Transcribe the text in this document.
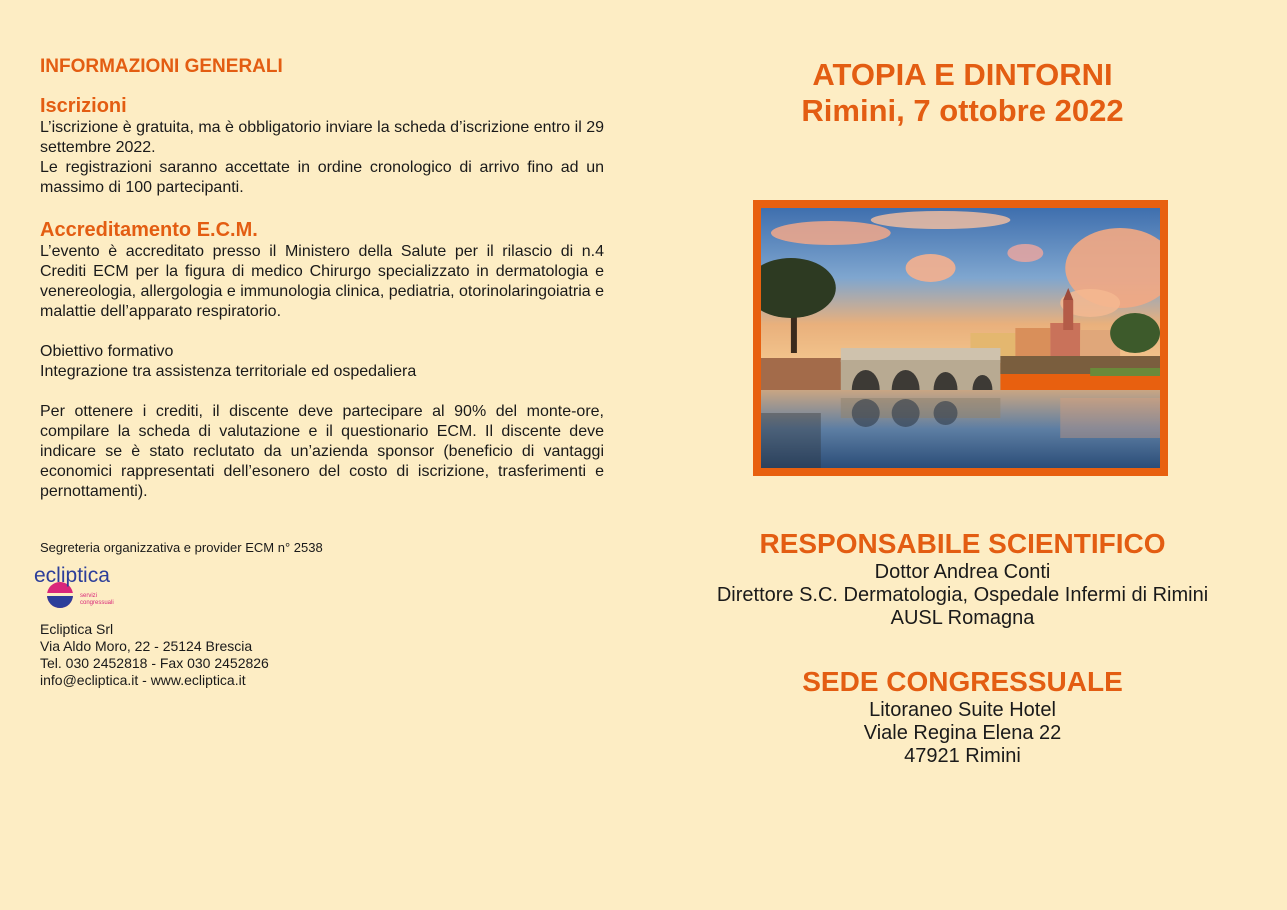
INFORMAZIONI GENERALI
Iscrizioni

L’iscrizione è gratuita, ma è obbligatorio inviare la scheda d’iscrizione entro il 29 settembre 2022.

Le registrazioni saranno accettate in ordine cronologico di arrivo fino ad un massimo di 100 partecipanti.

Accreditamento E.C.M.

L’evento è accreditato presso il Ministero della Salute per il rilascio di n.4 Crediti ECM per la figura di medico Chirurgo specializzato in dermatologia e venereologia, allergologia e immunologia clinica, pediatria, otorinolaringoiatria e malattie dell’apparato respiratorio.

Obiettivo formativo

Integrazione tra assistenza territoriale ed ospedaliera

Per ottenere i crediti, il discente deve partecipare al 90% del monte-ore, compilare la scheda di valutazione e il questionario ECM. Il discente deve indicare se è stato reclutato da un’azienda sponsor (beneficio di vantaggi economici rappresentati dell’esonero del costo di iscrizione, trasferimenti e pernottamenti).

Segreteria organizzativa e provider ECM n° 2538
ecliptica
servizi
congressuali
Ecliptica Srl
Via Aldo Moro, 22 - 25124 Brescia
Tel. 030 2452818 - Fax 030 2452826
info@ecliptica.it - www.ecliptica.it
ATOPIA E DINTORNI
Rimini, 7 ottobre 2022
RESPONSABILE SCIENTIFICO
Dottor Andrea Conti
Direttore S.C. Dermatologia, Ospedale Infermi di Rimini
AUSL Romagna
SEDE CONGRESSUALE
Litoraneo Suite Hotel
Viale Regina Elena 22
47921 Rimini
